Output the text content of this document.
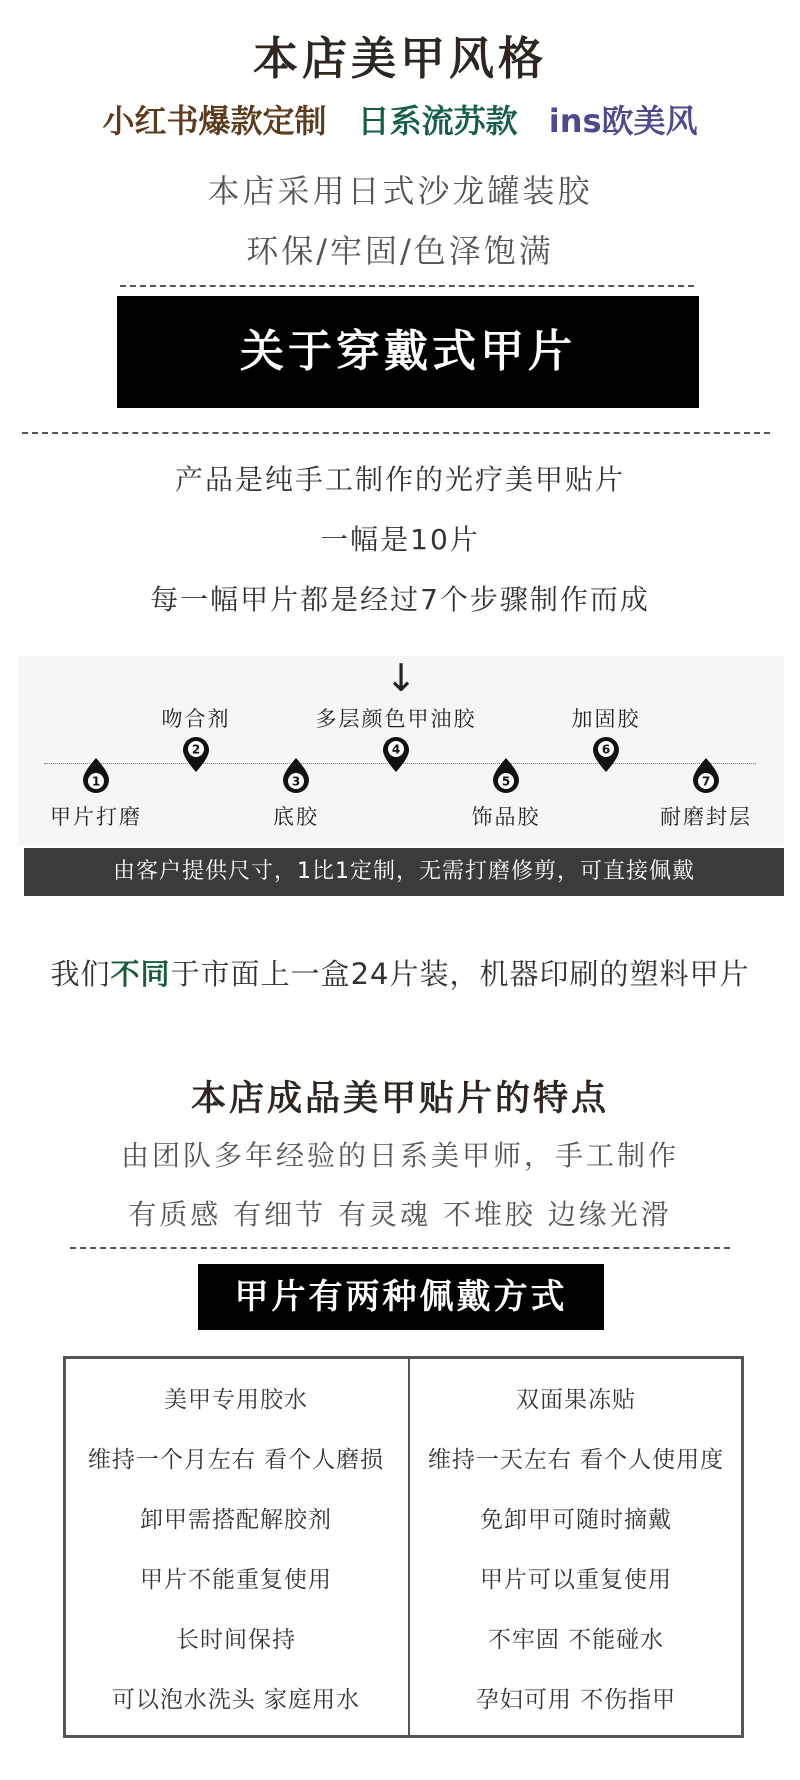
本店美甲风格
小红书爆款定制 日系流苏款 ins欧美风
本店采用日式沙龙罐装胶
环保/牢固/色泽饱满
关于穿戴式甲片
产品是纯手工制作的光疗美甲贴片
一幅是10片
每一幅甲片都是经过7个步骤制作而成
↓
1
甲片打磨
2
吻合剂
3
底胶
4
多层颜色甲油胶
5
饰品胶
6
加固胶
7
耐磨封层
由客户提供尺寸，1比1定制，无需打磨修剪，可直接佩戴
我们不同于市面上一盒24片装，机器印刷的塑料甲片
本店成品美甲贴片的特点
由团队多年经验的日系美甲师，手工制作
有质感 有细节 有灵魂 不堆胶 边缘光滑
甲片有两种佩戴方式
美甲专用胶水
维持一个月左右 看个人磨损
卸甲需搭配解胶剂
甲片不能重复使用
长时间保持
可以泡水洗头 家庭用水
双面果冻贴
维持一天左右 看个人使用度
免卸甲可随时摘戴
甲片可以重复使用
不牢固 不能碰水
孕妇可用 不伤指甲
